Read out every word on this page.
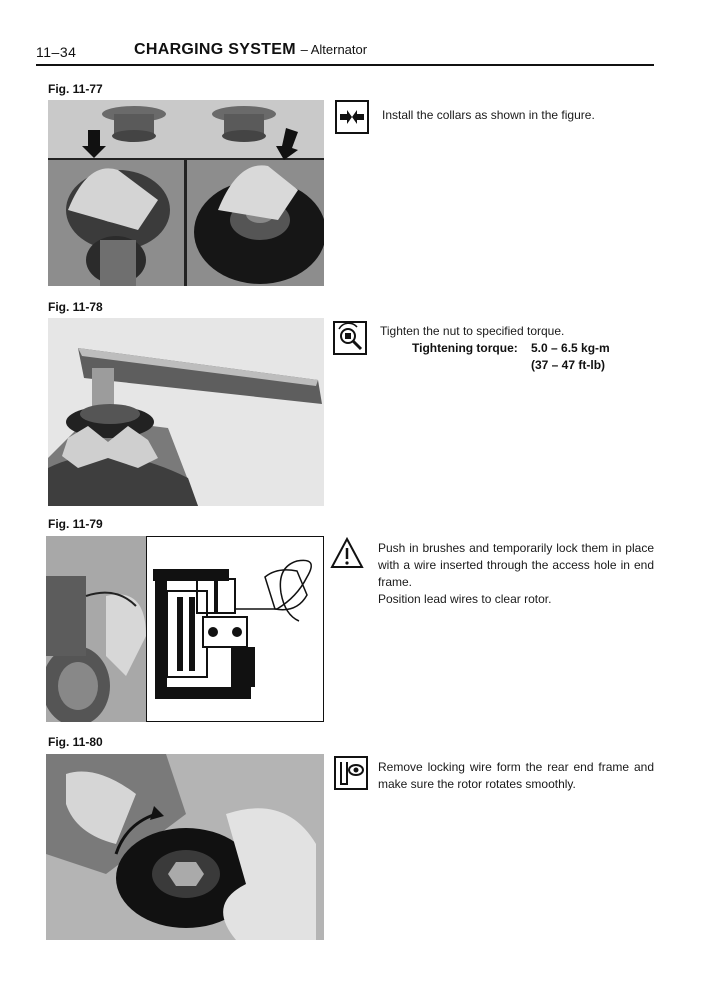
11–34	CHARGING SYSTEM – Alternator
Fig. 11-77
Install the collars as shown in the figure.
Fig. 11-78
Tighten the nut to specified torque.
Tightening torque: 5.0 – 6.5 kg-m
(37 – 47 ft-lb)
Fig. 11-79
Push in brushes and temporarily lock them in place with a wire inserted through the access hole in end frame.
Position lead wires to clear rotor.
Fig. 11-80
Remove locking wire form the rear end frame and make sure the rotor rotates smoothly.
